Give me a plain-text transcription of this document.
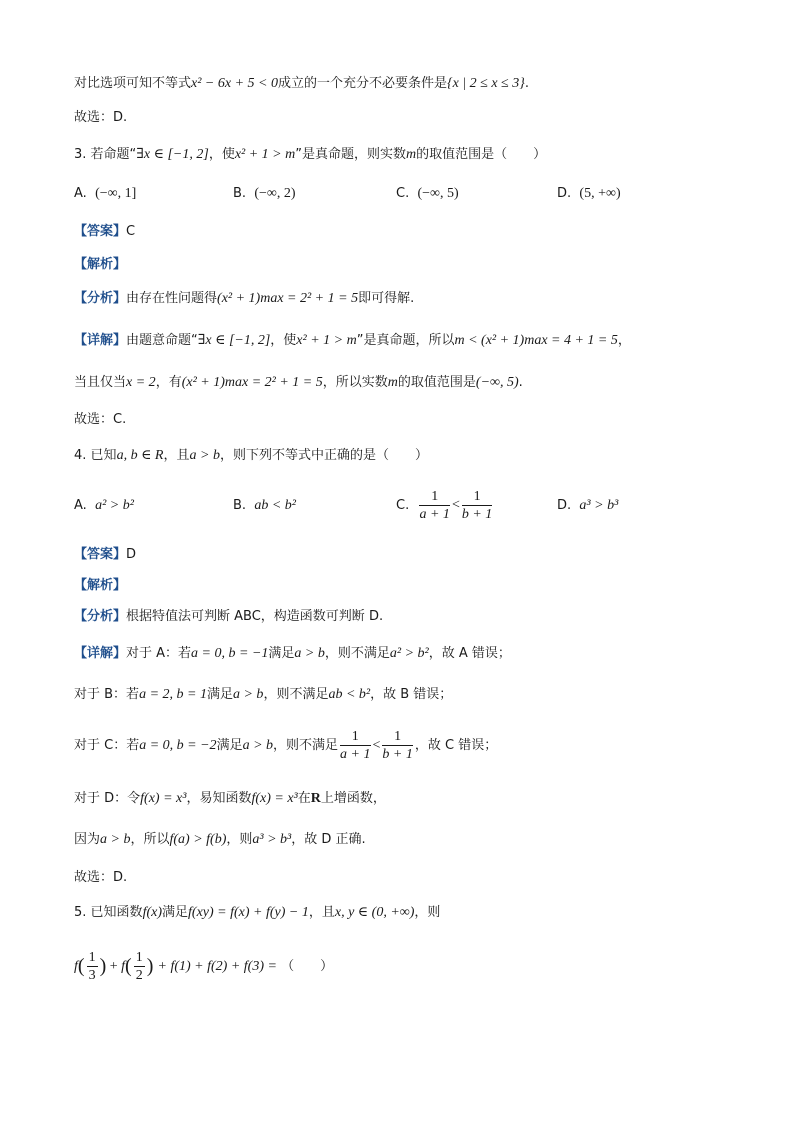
对比选项可知不等式x² − 6x + 5 < 0成立的一个充分不必要条件是{x | 2 ≤ x ≤ 3}.
故选：D.
3. 若命题“∃x ∈ [−1, 2]，使x² + 1 > m”是真命题，则实数m的取值范围是（　　）
A. (−∞, 1]	B. (−∞, 2)	C. (−∞, 5)	D. (5, +∞)
【答案】C
【解析】
【分析】由存在性问题得(x² + 1)max = 2² + 1 = 5即可得解.
【详解】由题意命题“∃x ∈ [−1, 2]，使x² + 1 > m”是真命题，所以m < (x² + 1)max = 4 + 1 = 5，
当且仅当x = 2，有(x² + 1)max = 2² + 1 = 5，所以实数m的取值范围是(−∞, 5).
故选：C.
4. 已知a, b ∈ R，且a > b，则下列不等式中正确的是（　　）
A. a² > b²	B. ab < b²	C. $\frac{1}{a + 1} < \frac{1}{b + 1}$	D. a³ > b³
【答案】D
【解析】
【分析】根据特值法可判断 ABC，构造函数可判断 D.
【详解】对于 A：若a = 0, b = −1满足a > b，则不满足a² > b²，故 A 错误；
对于 B：若a = 2, b = 1满足a > b，则不满足ab < b²，故 B 错误；
对于 C：若a = 0, b = −2满足a > b，则不满足 $\frac{1}{a + 1} < \frac{1}{b + 1}$ ，故 C 错误；
对于 D：令f(x) = x³，易知函数f(x) = x³在R上增函数，
因为a > b，所以f(a) > f(b)，则a³ > b³，故 D 正确.
故选：D.
5. 已知函数f(x)满足f(xy) = f(x) + f(y) − 1，且x, y ∈ (0, +∞)，则
$f( \frac{1}{3}$ ) + $f( \frac{1}{2}$ ) + f(1) + f(2) + f(3) = （　　）
